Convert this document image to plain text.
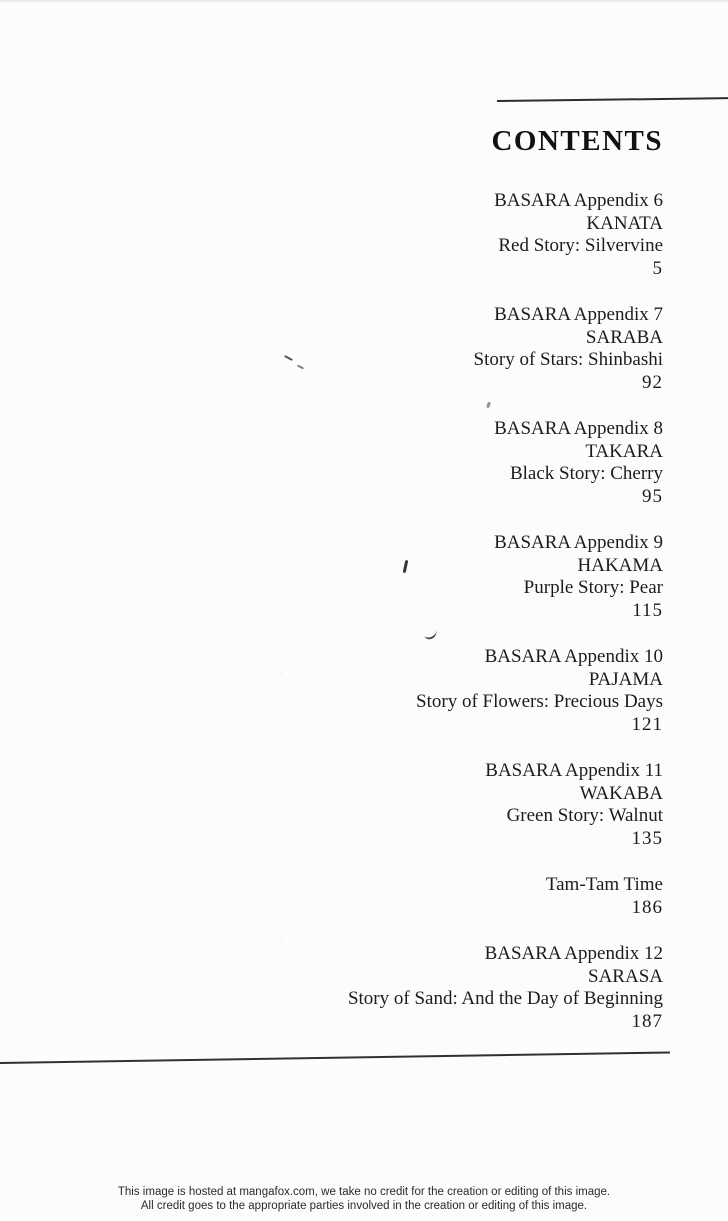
CONTENTS
BASARA Appendix 6
KANATA
Red Story: Silvervine
5
BASARA Appendix 7
SARABA
Story of Stars: Shinbashi
92
BASARA Appendix 8
TAKARA
Black Story: Cherry
95
BASARA Appendix 9
HAKAMA
Purple Story: Pear
115
BASARA Appendix 10
PAJAMA
Story of Flowers: Precious Days
121
BASARA Appendix 11
WAKABA
Green Story: Walnut
135
Tam-Tam Time
186
BASARA Appendix 12
SARASA
Story of Sand: And the Day of Beginning
187
This image is hosted at mangafox.com, we take no credit for the creation or editing of this image.
All credit goes to the appropriate parties involved in the creation or editing of this image.
